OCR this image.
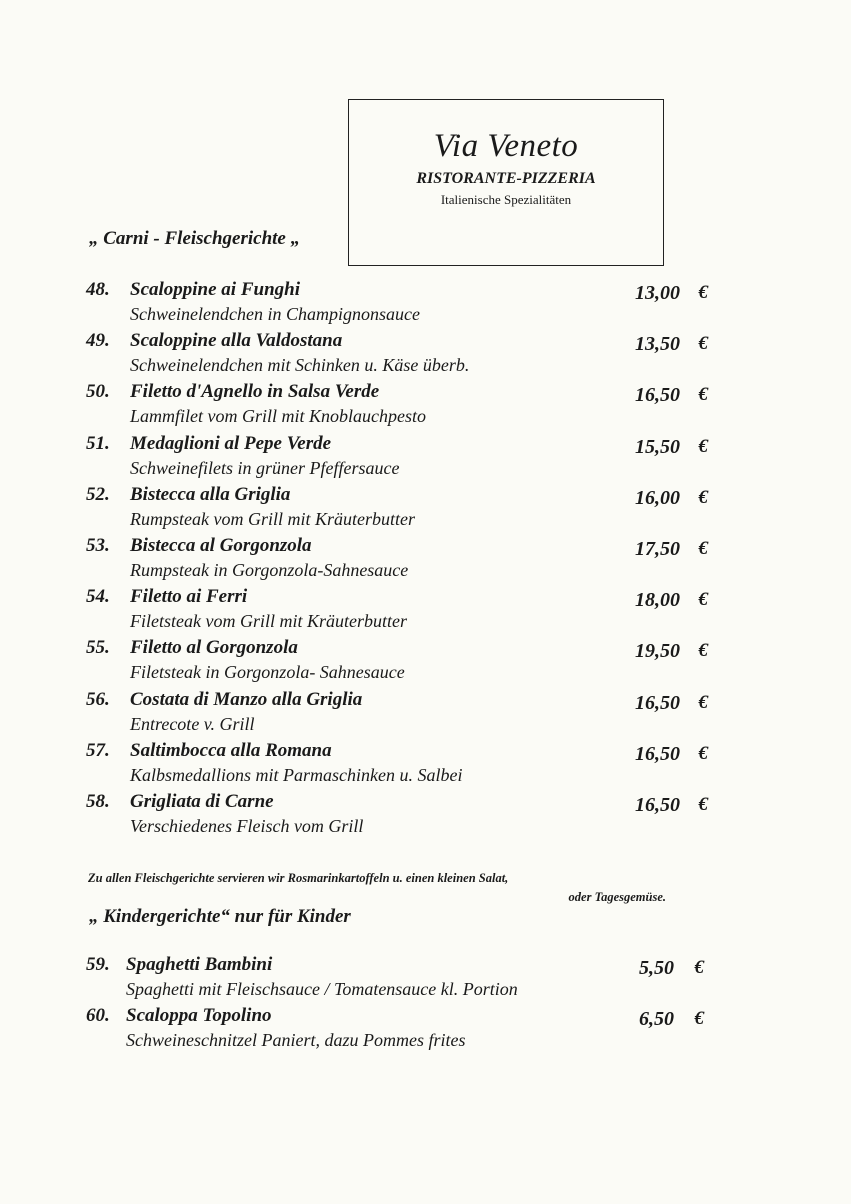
Via Veneto
RISTORANTE-PIZZERIA
Italienische Spezialitäten
„ Carni - Fleischgerichte „
48. Scaloppine ai Funghi
Schweinelendchen in Champignonsauce
13,00 €
49. Scaloppine alla Valdostana
Schweinelendchen mit Schinken u. Käse überb.
13,50 €
50. Filetto d'Agnello in Salsa Verde
Lammfilet vom Grill mit Knoblauchpesto
16,50 €
51. Medaglioni al Pepe Verde
Schweinefilets in grüner Pfeffersauce
15,50 €
52. Bistecca alla Griglia
Rumpsteak vom Grill mit Kräuterbutter
16,00 €
53. Bistecca al Gorgonzola
Rumpsteak in Gorgonzola-Sahnesauce
17,50 €
54. Filetto ai Ferri
Filetsteak vom Grill mit Kräuterbutter
18,00 €
55. Filetto al Gorgonzola
Filetsteak in Gorgonzola- Sahnesauce
19,50 €
56. Costata di Manzo alla Griglia
Entrecote v. Grill
16,50 €
57. Saltimbocca alla Romana
Kalbsmedallions mit Parmaschinken u. Salbei
16,50 €
58. Grigliata di Carne
Verschiedenes Fleisch vom Grill
16,50 €
Zu allen Fleischgerichte servieren wir Rosmarinkartoffeln u. einen kleinen Salat,
oder Tagesgemüse.
„ Kindergerichte“ nur für Kinder
59. Spaghetti Bambini
Spaghetti mit Fleischsauce / Tomatensauce kl. Portion
5,50 €
60. Scaloppa Topolino
Schweineschnitzel Paniert, dazu Pommes frites
6,50 €
